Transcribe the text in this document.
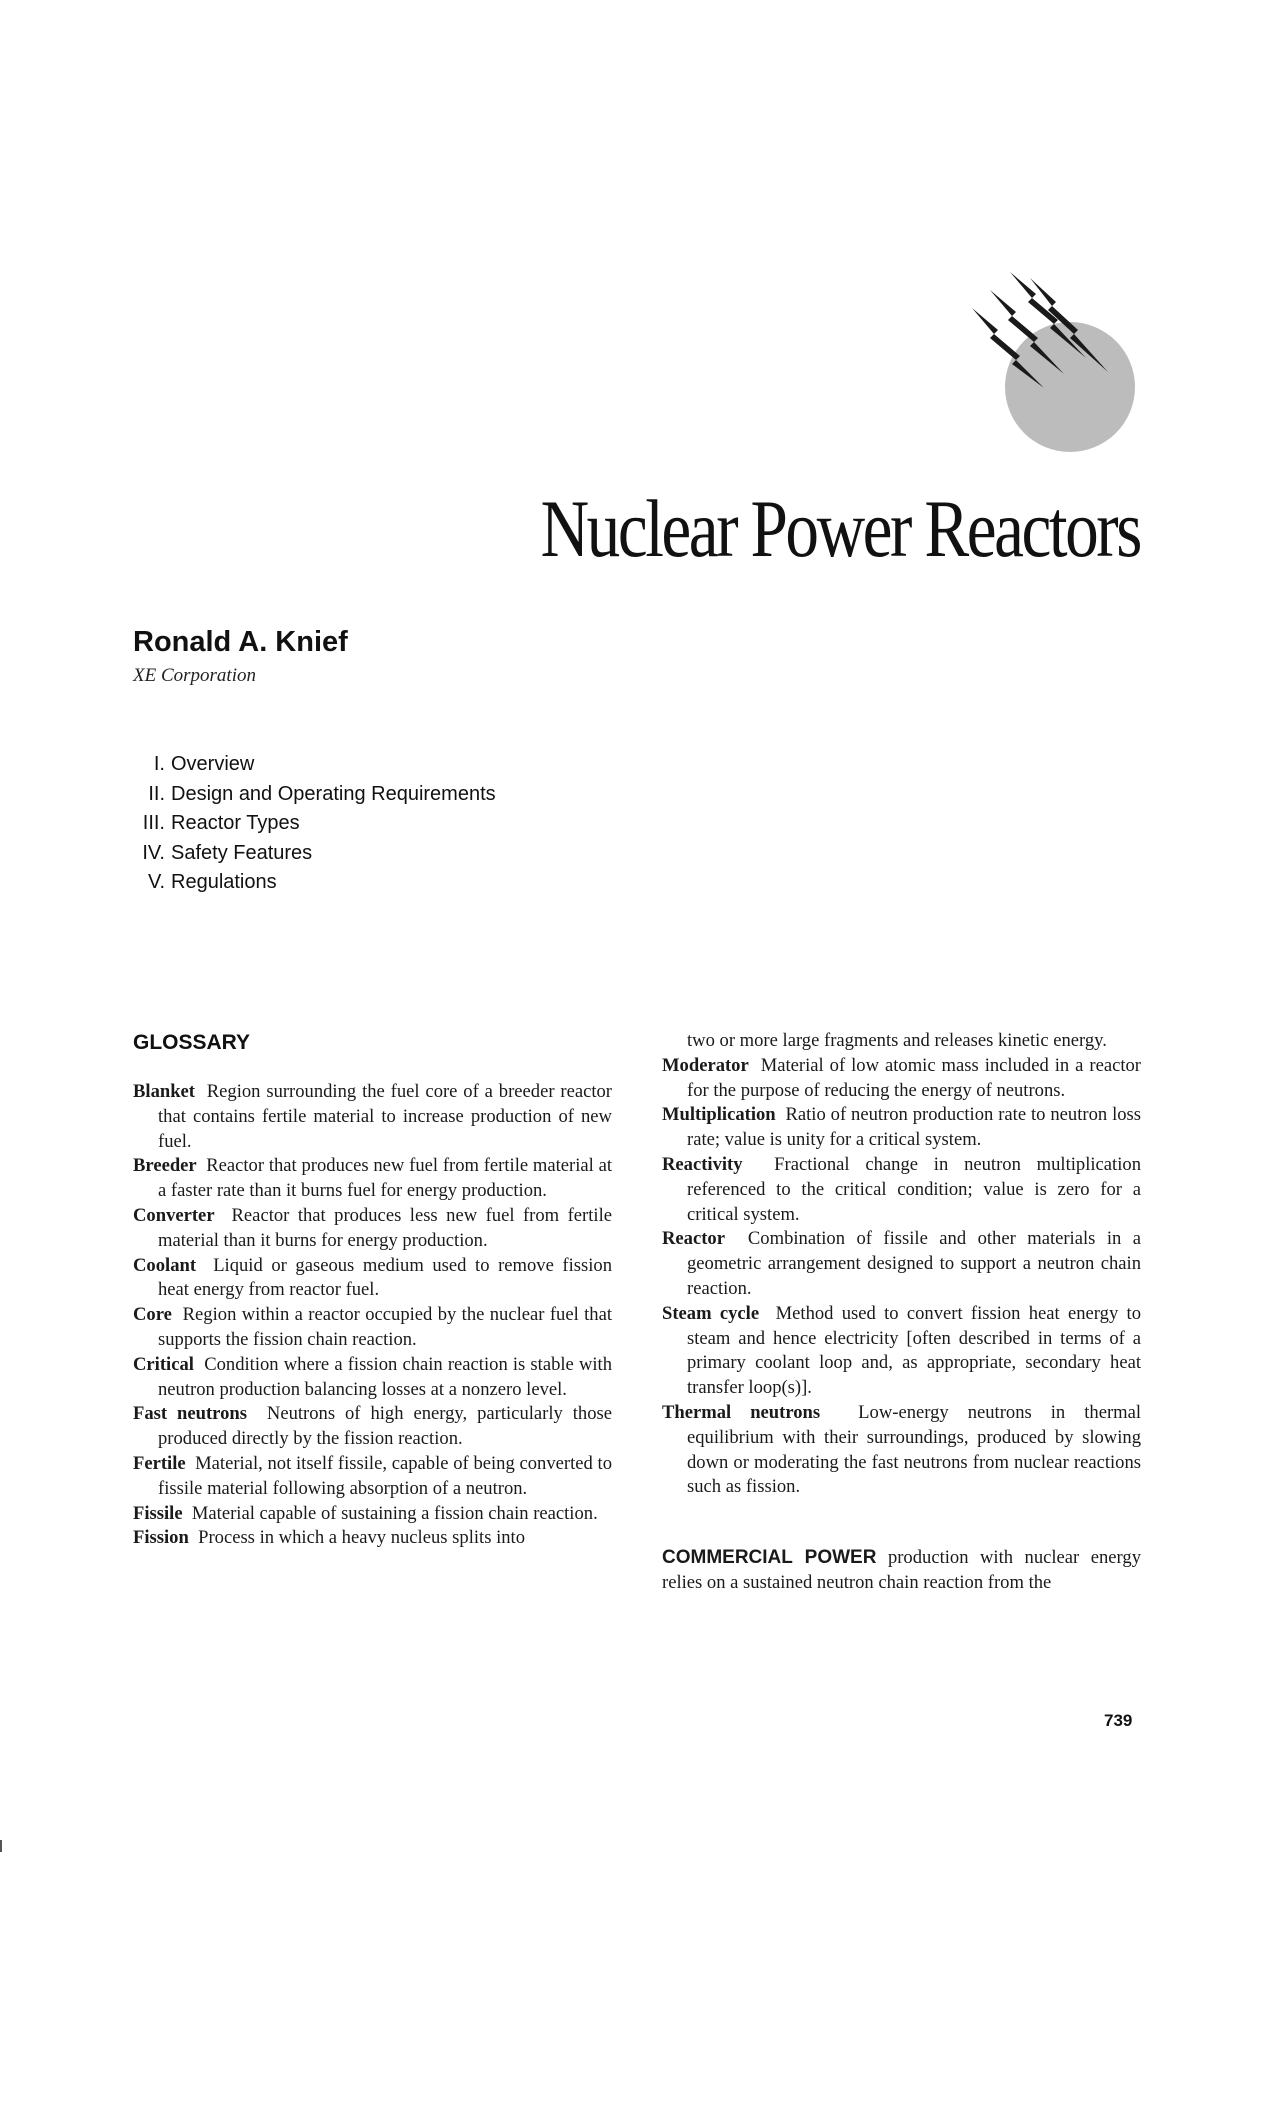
Nuclear Power Reactors
Ronald A. Knief
XE Corporation
I. Overview
II. Design and Operating Requirements
III. Reactor Types
IV. Safety Features
V. Regulations
GLOSSARY

Blanket Region surrounding the fuel core of a breeder reactor that contains fertile material to increase production of new fuel.

Breeder Reactor that produces new fuel from fertile material at a faster rate than it burns fuel for energy production.

Converter Reactor that produces less new fuel from fertile material than it burns for energy production.

Coolant Liquid or gaseous medium used to remove fission heat energy from reactor fuel.

Core Region within a reactor occupied by the nuclear fuel that supports the fission chain reaction.

Critical Condition where a fission chain reaction is stable with neutron production balancing losses at a nonzero level.

Fast neutrons Neutrons of high energy, particularly those produced directly by the fission reaction.

Fertile Material, not itself fissile, capable of being converted to fissile material following absorption of a neutron.

Fissile Material capable of sustaining a fission chain reaction.

Fission Process in which a heavy nucleus splits into

two or more large fragments and releases kinetic energy.

Moderator Material of low atomic mass included in a reactor for the purpose of reducing the energy of neutrons.

Multiplication Ratio of neutron production rate to neutron loss rate; value is unity for a critical system.

Reactivity Fractional change in neutron multiplication referenced to the critical condition; value is zero for a critical system.

Reactor Combination of fissile and other materials in a geometric arrangement designed to support a neutron chain reaction.

Steam cycle Method used to convert fission heat energy to steam and hence electricity [often described in terms of a primary coolant loop and, as appropriate, secondary heat transfer loop(s)].

Thermal neutrons Low-energy neutrons in thermal equilibrium with their surroundings, produced by slowing down or moderating the fast neutrons from nuclear reactions such as fission.

COMMERCIAL POWER production with nuclear energy relies on a sustained neutron chain reaction from the

739
